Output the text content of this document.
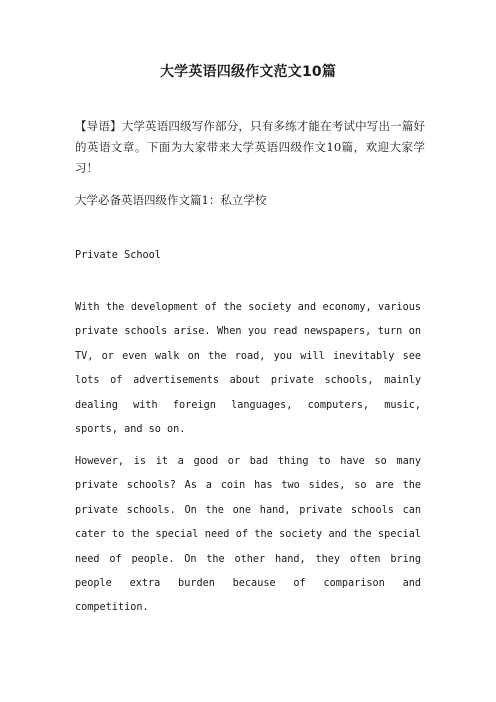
大学英语四级作文范文10篇

【导语】大学英语四级写作部分，只有多练才能在考试中写出一篇好的英语文章。下面为大家带来大学英语四级作文10篇，欢迎大家学习！

大学必备英语四级作文篇1：私立学校

Private School

With the development of the society and economy, various private schools arise. When you read newspapers, turn on TV, or even walk on the road, you will inevitably see lots of advertisements about private schools, mainly dealing with foreign languages, computers, music, sports, and so on.

However, is it a good or bad thing to have so many private schools? As a coin has two sides, so are the private schools. On the one hand, private schools can cater to the special need of the society and the special need of people. On the other hand, they often bring people extra burden because of comparison and competition.
